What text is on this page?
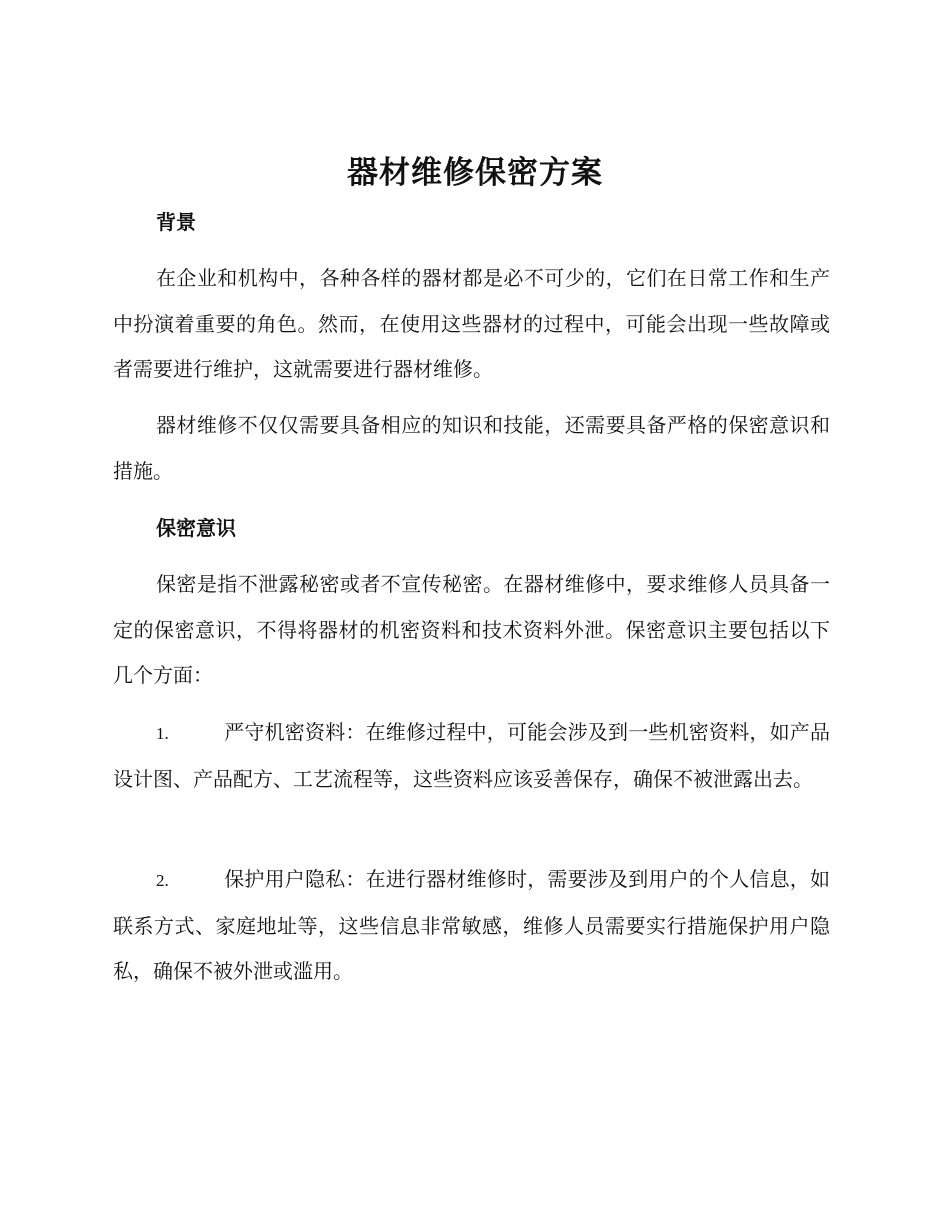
器材维修保密方案
背景

在企业和机构中，各种各样的器材都是必不可少的，它们在日常工作和生产中扮演着重要的角色。然而，在使用这些器材的过程中，可能会出现一些故障或者需要进行维护，这就需要进行器材维修。

器材维修不仅仅需要具备相应的知识和技能，还需要具备严格的保密意识和措施。

保密意识

保密是指不泄露秘密或者不宣传秘密。在器材维修中，要求维修人员具备一定的保密意识，不得将器材的机密资料和技术资料外泄。保密意识主要包括以下几个方面：

1.	严守机密资料：在维修过程中，可能会涉及到一些机密资料，如产品设计图、产品配方、工艺流程等，这些资料应该妥善保存，确保不被泄露出去。

2.	保护用户隐私：在进行器材维修时，需要涉及到用户的个人信息，如联系方式、家庭地址等，这些信息非常敏感，维修人员需要实行措施保护用户隐私，确保不被外泄或滥用。
